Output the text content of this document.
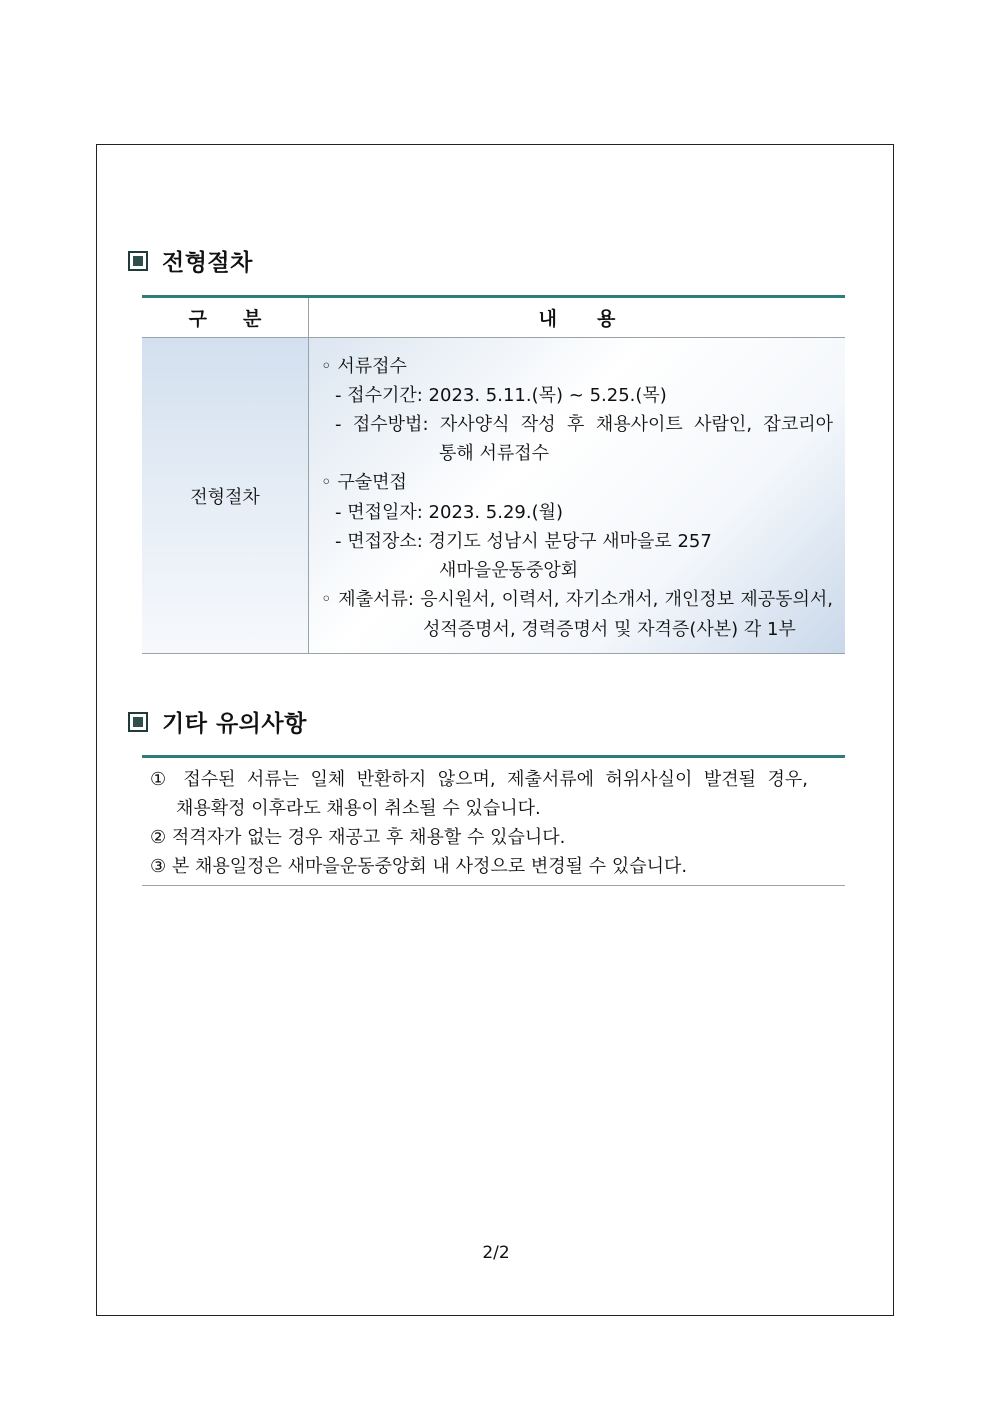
전형절차
구분	내용
전형절차
◦ 서류접수
- 접수기간: 2023. 5.11.(목) ~ 5.25.(목)
- 접수방법: 자사양식 작성 후 채용사이트 사람인, 잡코리아
통해 서류접수
◦ 구술면접
- 면접일자: 2023. 5.29.(월)
- 면접장소: 경기도 성남시 분당구 새마을로 257
새마을운동중앙회
◦ 제출서류: 응시원서, 이력서, 자기소개서, 개인정보 제공동의서,
성적증명서, 경력증명서 및 자격증(사본) 각 1부
기타 유의사항
① 접수된 서류는 일체 반환하지 않으며, 제출서류에 허위사실이 발견될 경우,
채용확정 이후라도 채용이 취소될 수 있습니다.
② 적격자가 없는 경우 재공고 후 채용할 수 있습니다.
③ 본 채용일정은 새마을운동중앙회 내 사정으로 변경될 수 있습니다.
2/2
